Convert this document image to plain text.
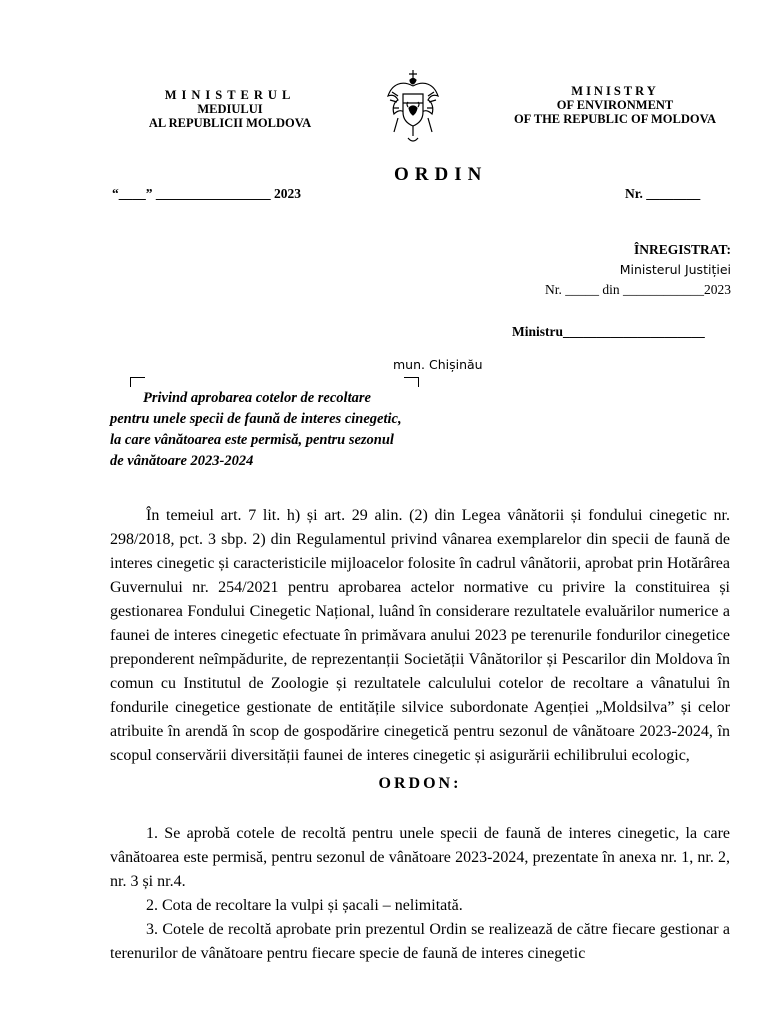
MINISTERUL
MEDIULUI
AL REPUBLICII MOLDOVA
MINISTRY
OF ENVIRONMENT
OF THE REPUBLIC OF MOLDOVA
ORDIN
“____” _________________ 2023	Nr. ________
ÎNREGISTRAT:
Ministerul Justiției
Nr. _____ din ____________2023
Ministru_____________________
mun. Chișinău
Privind aprobarea cotelor de recoltare
pentru unele specii de faună de interes cinegetic,
la care vânătoarea este permisă, pentru sezonul
de vânătoare 2023-2024

În temeiul art. 7 lit. h) și art. 29 alin. (2) din Legea vânătorii și fondului cinegetic nr. 298/2018, pct. 3 sbp. 2) din Regulamentul privind vânarea exemplarelor din specii de faună de interes cinegetic și caracteristicile mijloacelor folosite în cadrul vânătorii, aprobat prin Hotărârea Guvernului nr. 254/2021 pentru aprobarea actelor normative cu privire la constituirea și gestionarea Fondului Cinegetic Național, luând în considerare rezultatele evaluărilor numerice a faunei de interes cinegetic efectuate în primăvara anului 2023 pe terenurile fondurilor cinegetice preponderent neîmpădurite, de reprezentanții Societății Vânătorilor și Pescarilor din Moldova în comun cu Institutul de Zoologie și rezultatele calculului cotelor de recoltare a vânatului în fondurile cinegetice gestionate de entitățile silvice subordonate Agenției „Moldsilva” și celor atribuite în arendă în scop de gospodărire cinegetică pentru sezonul de vânătoare 2023-2024, în scopul conservării diversității faunei de interes cinegetic și asigurării echilibrului ecologic,

ORDON:

1. Se aprobă cotele de recoltă pentru unele specii de faună de interes cinegetic, la care vânătoarea este permisă, pentru sezonul de vânătoare 2023-2024, prezentate în anexa nr. 1, nr. 2, nr. 3 și nr.4.

2. Cota de recoltare la vulpi și șacali – nelimitată.

3. Cotele de recoltă aprobate prin prezentul Ordin se realizează de către fiecare gestionar a terenurilor de vânătoare pentru fiecare specie de faună de interes cinegetic
